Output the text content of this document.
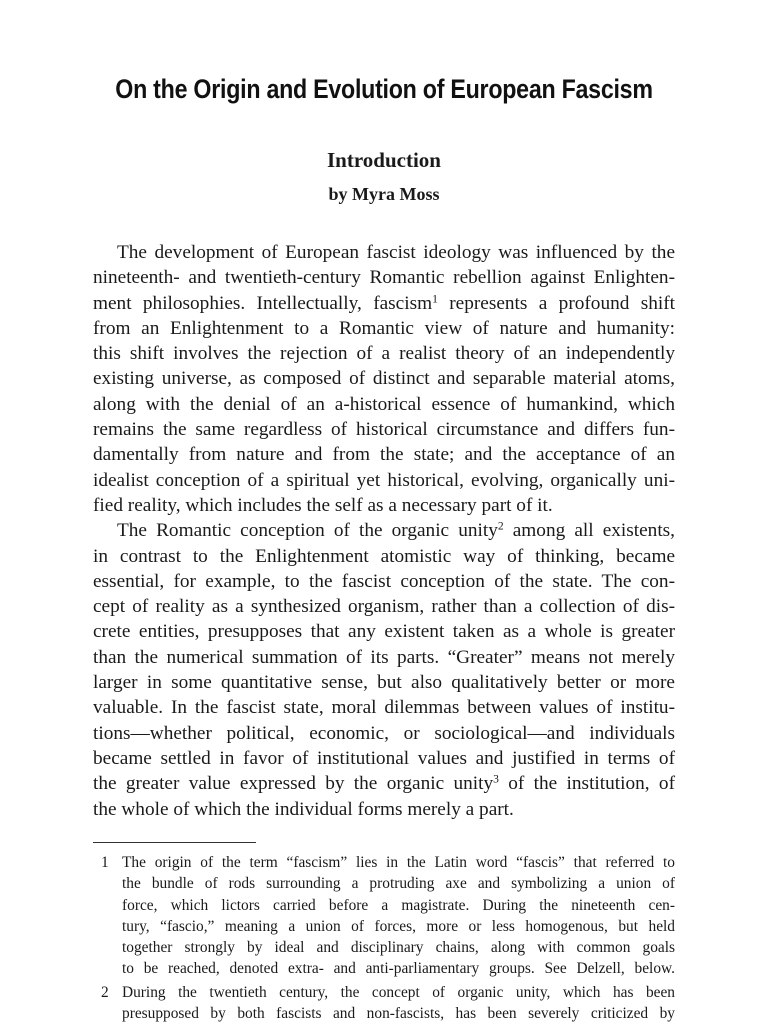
On the Origin and Evolution of European Fascism
Introduction
by Myra Moss
The development of European fascist ideology was influenced by the
nineteenth- and twentieth-century Romantic rebellion against Enlighten-
ment philosophies. Intellectually, fascism$^1$ represents a profound shift
from an Enlightenment to a Romantic view of nature and humanity:
this shift involves the rejection of a realist theory of an independently
existing universe, as composed of distinct and separable material atoms,
along with the denial of an a-historical essence of humankind, which
remains the same regardless of historical circumstance and differs fun-
damentally from nature and from the state; and the acceptance of an
idealist conception of a spiritual yet historical, evolving, organically uni-
fied reality, which includes the self as a necessary part of it.
The Romantic conception of the organic unity$^2$ among all existents,
in contrast to the Enlightenment atomistic way of thinking, became
essential, for example, to the fascist conception of the state. The con-
cept of reality as a synthesized organism, rather than a collection of dis-
crete entities, presupposes that any existent taken as a whole is greater
than the numerical summation of its parts. “Greater” means not merely
larger in some quantitative sense, but also qualitatively better or more
valuable. In the fascist state, moral dilemmas between values of institu-
tions—whether political, economic, or sociological—and individuals
became settled in favor of institutional values and justified in terms of
the greater value expressed by the organic unity$^3$ of the institution, of
the whole of which the individual forms merely a part.
1 The origin of the term “fascism” lies in the Latin word “fascis” that referred to
the bundle of rods surrounding a protruding axe and symbolizing a union of
force, which lictors carried before a magistrate. During the nineteenth cen-
tury, “fascio,” meaning a union of forces, more or less homogenous, but held
together strongly by ideal and disciplinary chains, along with common goals
to be reached, denoted extra- and anti-parliamentary groups. See Delzell, below.
2 During the twentieth century, the concept of organic unity, which has been
presupposed by both fascists and non-fascists, has been severely criticized by
